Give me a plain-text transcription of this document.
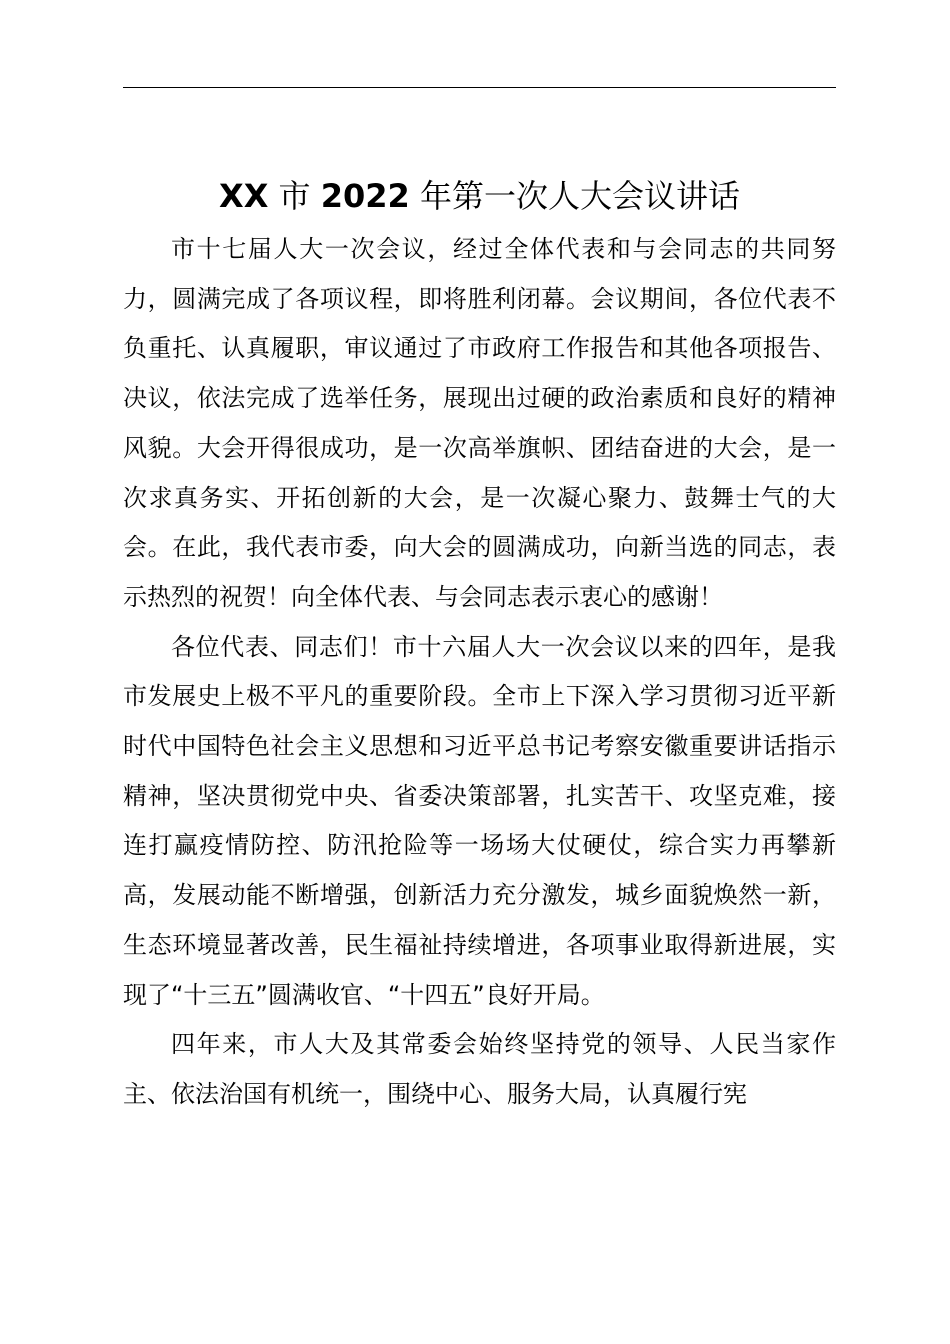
XX 市 2022 年第一次人大会议讲话

市十七届人大一次会议，经过全体代表和与会同志的共同努力，圆满完成了各项议程，即将胜利闭幕。会议期间，各位代表不负重托、认真履职，审议通过了市政府工作报告和其他各项报告、决议，依法完成了选举任务，展现出过硬的政治素质和良好的精神风貌。大会开得很成功，是一次高举旗帜、团结奋进的大会，是一次求真务实、开拓创新的大会，是一次凝心聚力、鼓舞士气的大会。在此，我代表市委，向大会的圆满成功，向新当选的同志，表示热烈的祝贺！向全体代表、与会同志表示衷心的感谢！

各位代表、同志们！市十六届人大一次会议以来的四年，是我市发展史上极不平凡的重要阶段。全市上下深入学习贯彻习近平新时代中国特色社会主义思想和习近平总书记考察安徽重要讲话指示精神，坚决贯彻党中央、省委决策部署，扎实苦干、攻坚克难，接连打赢疫情防控、防汛抢险等一场场大仗硬仗，综合实力再攀新高，发展动能不断增强，创新活力充分激发，城乡面貌焕然一新，生态环境显著改善，民生福祉持续增进，各项事业取得新进展，实现了“十三五”圆满收官、“十四五”良好开局。

四年来，市人大及其常委会始终坚持党的领导、人民当家作主、依法治国有机统一，围绕中心、服务大局，认真履行宪
